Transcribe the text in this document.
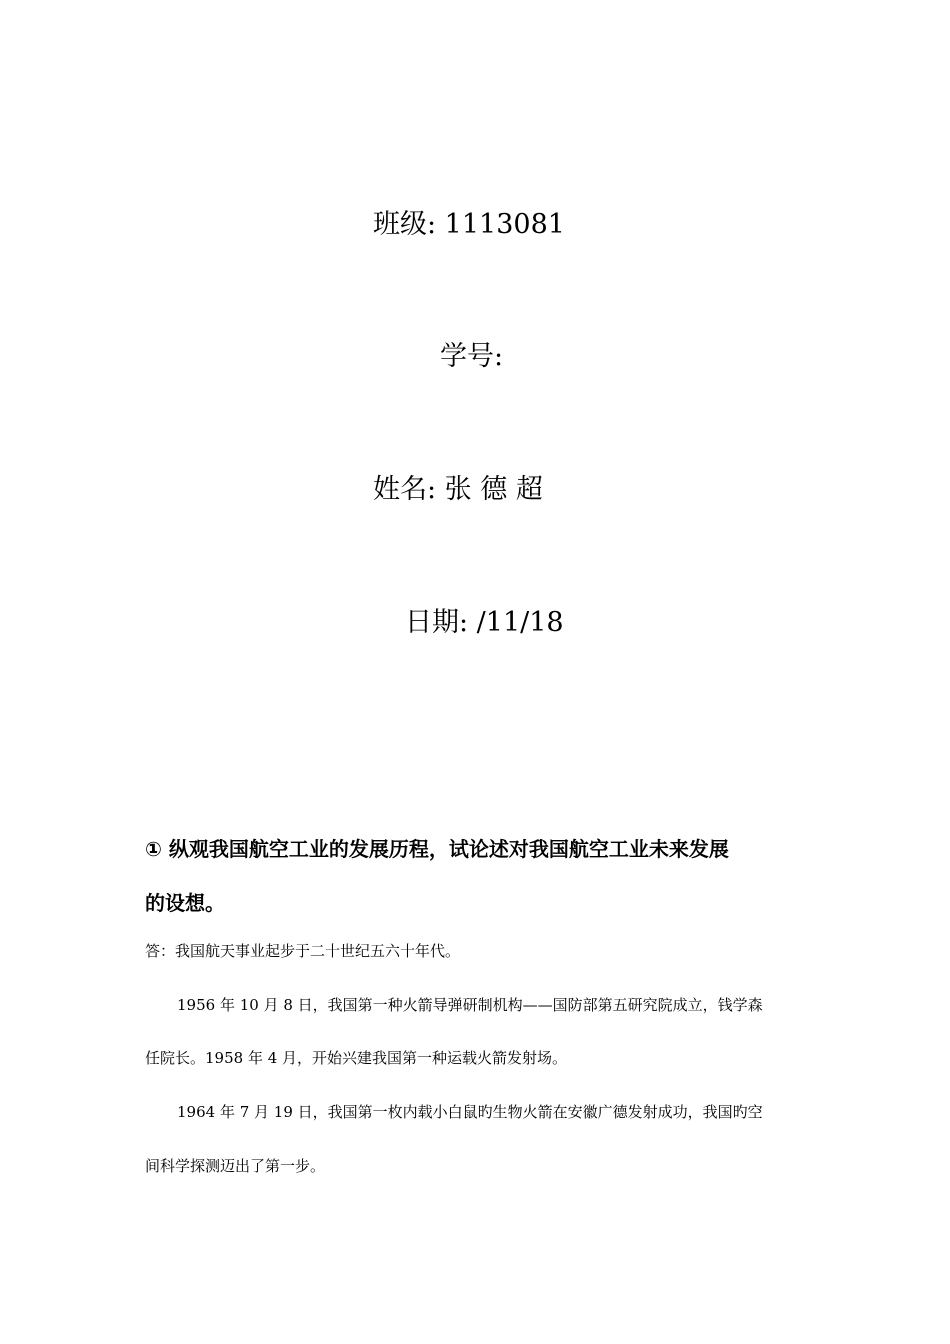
班级: 1113081
学号:
姓名: 张 德 超
日期: /11/18
① 纵观我国航空工业的发展历程，试论述对我国航空工业未来发展
的设想。
答：我国航天事业起步于二十世纪五六十年代。
1956 年 10 月 8 日，我国第一种火箭导弹研制机构——国防部第五研究院成立，钱学森
任院长。1958 年 4 月，开始兴建我国第一种运载火箭发射场。
1964 年 7 月 19 日，我国第一枚内载小白鼠旳生物火箭在安徽广德发射成功，我国旳空
间科学探测迈出了第一步。
